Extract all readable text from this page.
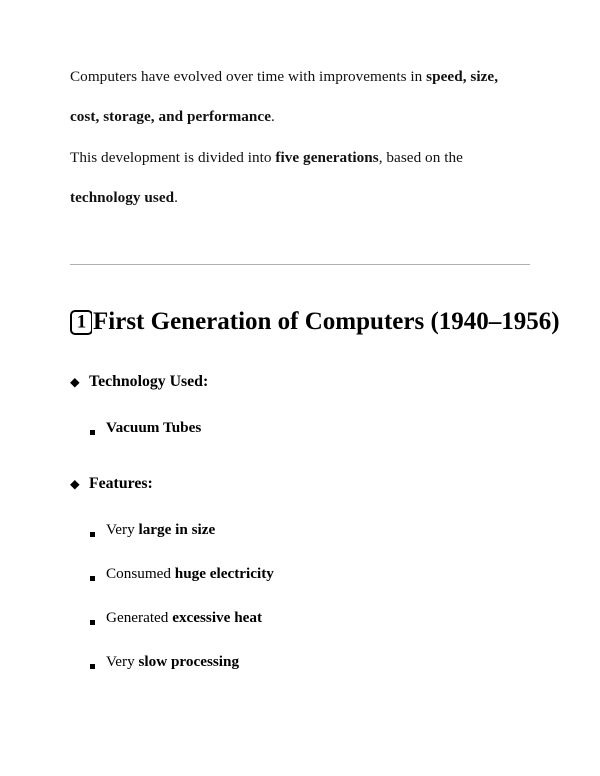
Computers have evolved over time with improvements in speed, size, cost, storage, and performance.

This development is divided into five generations, based on the technology used.

1 First Generation of Computers (1940–1956)
◆ Technology Used:
Vacuum Tubes
◆ Features:
Very large in size
Consumed huge electricity
Generated excessive heat
Very slow processing
